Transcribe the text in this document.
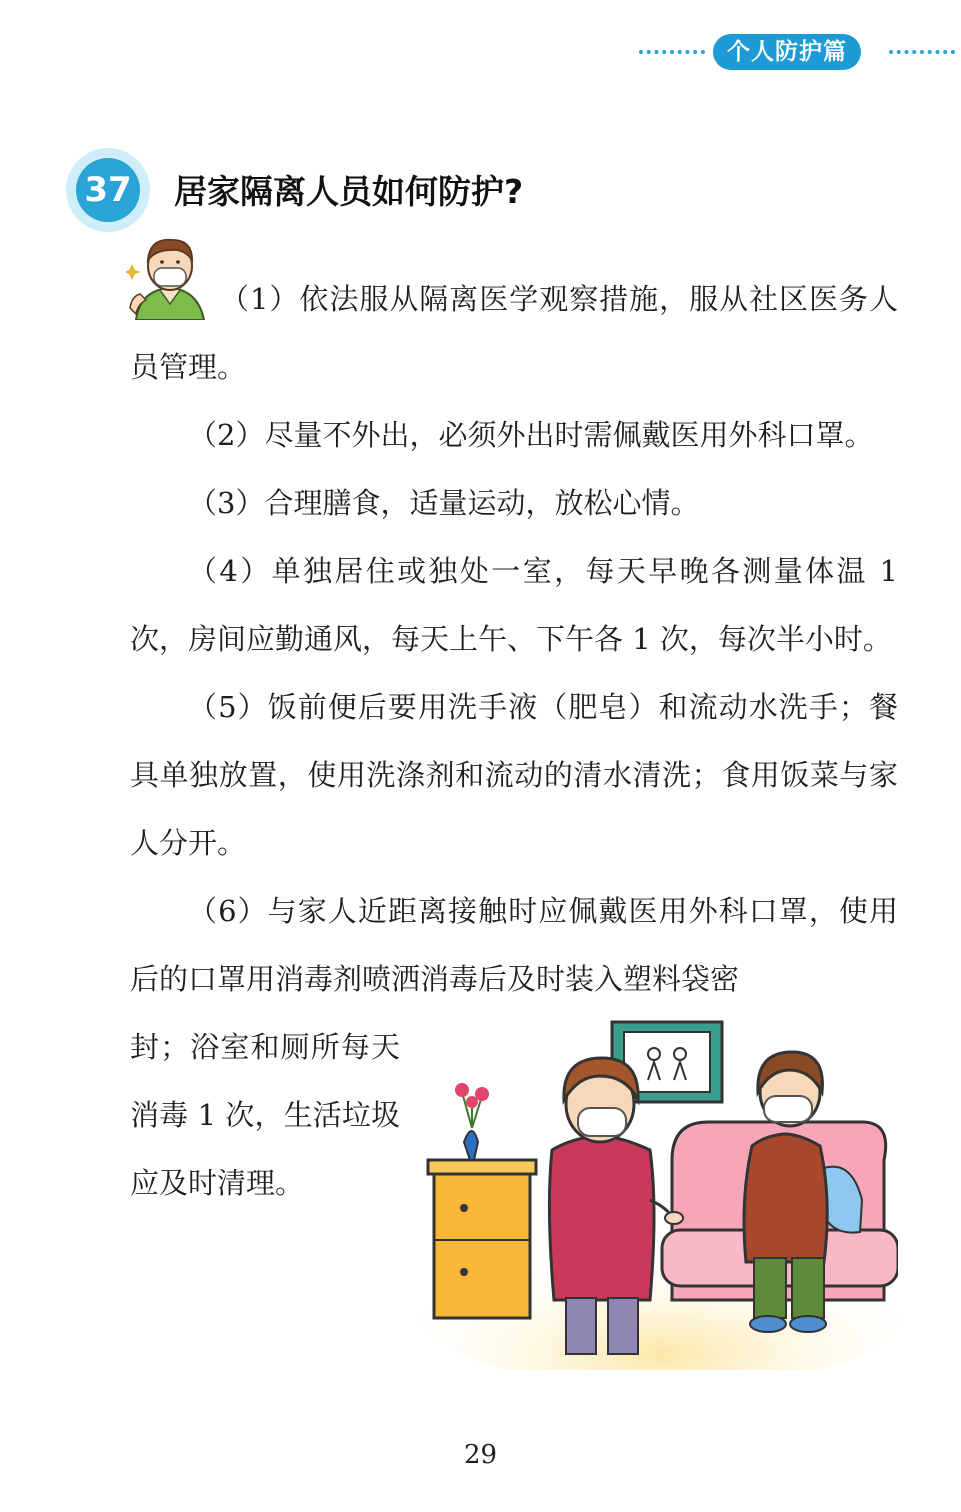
个人防护篇
37 居家隔离人员如何防护?

（1）依法服从隔离医学观察措施，服从社区医务人员管理。

（2）尽量不外出，必须外出时需佩戴医用外科口罩。

（3）合理膳食，适量运动，放松心情。

（4）单独居住或独处一室，每天早晚各测量体温 1 次，房间应勤通风，每天上午、下午各 1 次，每次半小时。

（5）饭前便后要用洗手液（肥皂）和流动水洗手；餐具单独放置，使用洗涤剂和流动的清水清洗；食用饭菜与家人分开。

（6）与家人近距离接触时应佩戴医用外科口罩，使用后的口罩用消毒剂喷洒消毒后及时装入塑料袋密

封；浴室和厕所每天消毒 1 次，生活垃圾应及时清理。

29
